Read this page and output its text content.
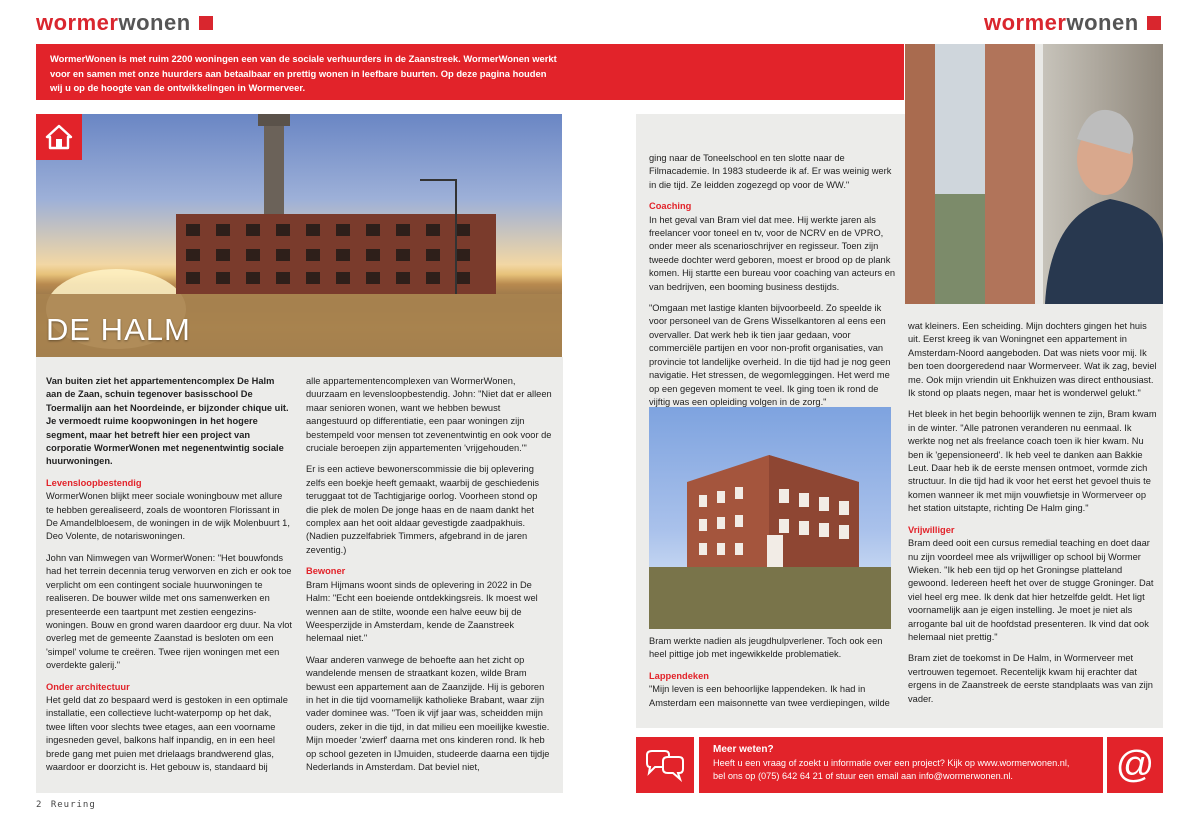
wormerwonen
WormerWonen is met ruim 2200 woningen een van de sociale verhuurders in de Zaanstreek. WormerWonen werkt voor en samen met onze huurders aan betaalbaar en prettig wonen in leefbare buurten. Op deze pagina houden wij u op de hoogte van de ontwikkelingen in Wormerveer.
DE HALM

Van buiten ziet het appartementencomplex De Halm aan de Zaan, schuin tegenover basisschool De Toermalijn aan het Noordeinde, er bijzonder chique uit. Je vermoedt ruime koopwoningen in het hogere segment, maar het betreft hier een project van corporatie WormerWonen met negenentwintig sociale huurwoningen.

Levensloopbestendig

WormerWonen blijkt meer sociale woningbouw met allure te hebben gerealiseerd, zoals de woontoren Florissant in De Amandelbloesem, de woningen in de wijk Molenbuurt 1, Deo Volente, de notariswoningen.

John van Nimwegen van WormerWonen: "Het bouwfonds had het terrein decennia terug verworven en zich er ook toe verplicht om een contingent sociale huurwoningen te realiseren. De bouwer wilde met ons samenwerken en presenteerde een taartpunt met zestien eengezins-woningen. Bouw en grond waren daardoor erg duur. Na vlot overleg met de gemeente Zaanstad is besloten om een 'simpel' volume te creëren. Twee rijen woningen met een overdekte galerij."

Onder architectuur

Het geld dat zo bespaard werd is gestoken in een optimale installatie, een collectieve lucht-waterpomp op het dak, twee liften voor slechts twee etages, aan een voorname ingesneden gevel, balkons half inpandig, en in een heel brede gang met puien met drielaags brandwerend glas, waardoor er doorzicht is. Het gebouw is, standaard bij

alle appartementencomplexen van WormerWonen, duurzaam en levensloopbestendig. John: "Niet dat er alleen maar senioren wonen, want we hebben bewust aangestuurd op differentiatie, een paar woningen zijn bestempeld voor mensen tot zevenentwintig en ook voor de cruciale beroepen zijn appartementen 'vrijgehouden.'"

Er is een actieve bewonerscommissie die bij oplevering zelfs een boekje heeft gemaakt, waarbij de geschiedenis teruggaat tot de Tachtigjarige oorlog. Voorheen stond op die plek de molen De jonge haas en de naam dankt het complex aan het ooit aldaar gevestigde zaadpakhuis. (Nadien puzzelfabriek Timmers, afgebrand in de jaren zeventig.)

Bewoner

Bram Hijmans woont sinds de oplevering in 2022 in De Halm: "Echt een boeiende ontdekkingsreis. Ik moest wel wennen aan de stilte, woonde een halve eeuw bij de Weesperzijde in Amsterdam, kende de Zaanstreek helemaal niet."

Waar anderen vanwege de behoefte aan het zicht op wandelende mensen de straatkant kozen, wilde Bram bewust een appartement aan de Zaanzijde. Hij is geboren in het in die tijd voornamelijk katholieke Brabant, waar zijn vader dominee was. "Toen ik vijf jaar was, scheidden mijn ouders, zeker in die tijd, in dat milieu een moeilijke kwestie. Mijn moeder 'zwierf' daarna met ons kinderen rond. Ik heb op school gezeten in IJmuiden, studeerde daarna een tijdje Nederlands in Amsterdam. Dat beviel niet,

2 Reuring
wormerwonen

ging naar de Toneelschool en ten slotte naar de Filmacademie. In 1983 studeerde ik af. Er was weinig werk in die tijd. Ze leidden zogezegd op voor de WW."

Coaching

In het geval van Bram viel dat mee. Hij werkte jaren als freelancer voor toneel en tv, voor de NCRV en de VPRO, onder meer als scenarioschrijver en regisseur. Toen zijn tweede dochter werd geboren, moest er brood op de plank komen. Hij startte een bureau voor coaching van acteurs en van bedrijven, een booming business destijds.

"Omgaan met lastige klanten bijvoorbeeld. Zo speelde ik voor personeel van de Grens Wisselkantoren al eens een overvaller. Dat werk heb ik tien jaar gedaan, voor commerciële partijen en voor non-profit organisaties, van provincie tot landelijke overheid. In die tijd had je nog geen navigatie. Het stressen, de wegomleggingen. Het werd me op een gegeven moment te veel. Ik ging toen ik rond de vijftig was een opleiding volgen in de zorg."

Bram werkte nadien als jeugdhulpverlener. Toch ook een heel pittige job met ingewikkelde problematiek.

Lappendeken

"Mijn leven is een behoorlijke lappendeken. Ik had in Amsterdam een maisonnette van twee verdiepingen, wilde

wat kleiners. Een scheiding. Mijn dochters gingen het huis uit. Eerst kreeg ik van Woningnet een appartement in Amsterdam-Noord aangeboden. Dat was niets voor mij. Ik ben toen doorgeredend naar Wormerveer. Wat ik zag, beviel me. Ook mijn vriendin uit Enkhuizen was direct enthousiast. Ik stond op plaats negen, maar het is wonderwel gelukt."

Het bleek in het begin behoorlijk wennen te zijn, Bram kwam in de winter. "Alle patronen veranderen nu eenmaal. Ik werkte nog net als freelance coach toen ik hier kwam. Nu ben ik 'gepensioneerd'. Ik heb veel te danken aan Bakkie Leut. Daar heb ik de eerste mensen ontmoet, vormde zich structuur. In die tijd had ik voor het eerst het gevoel thuis te komen wanneer ik met mijn vouwfietsje in Wormerveer op het station uitstapte, richting De Halm ging."

Vrijwilliger

Bram deed ooit een cursus remedial teaching en doet daar nu zijn voordeel mee als vrijwilliger op school bij Wormer Wieken. "Ik heb een tijd op het Groningse platteland gewoond. Iedereen heeft het over de stugge Groninger. Dat viel heel erg mee. Ik denk dat hier hetzelfde geldt. Het ligt voornamelijk aan je eigen instelling. Je moet je niet als arrogante bal uit de hoofdstad presenteren. Ik vind dat ook helemaal niet prettig."

Bram ziet de toekomst in De Halm, in Wormerveer met vertrouwen tegemoet. Recentelijk kwam hij erachter dat ergens in de Zaanstreek de eerste standplaats was van zijn vader.

Meer weten?
Heeft u een vraag of zoekt u informatie over een project? Kijk op www.wormerwonen.nl,
bel ons op (075) 642 64 21 of stuur een email aan info@wormerwonen.nl.	@
